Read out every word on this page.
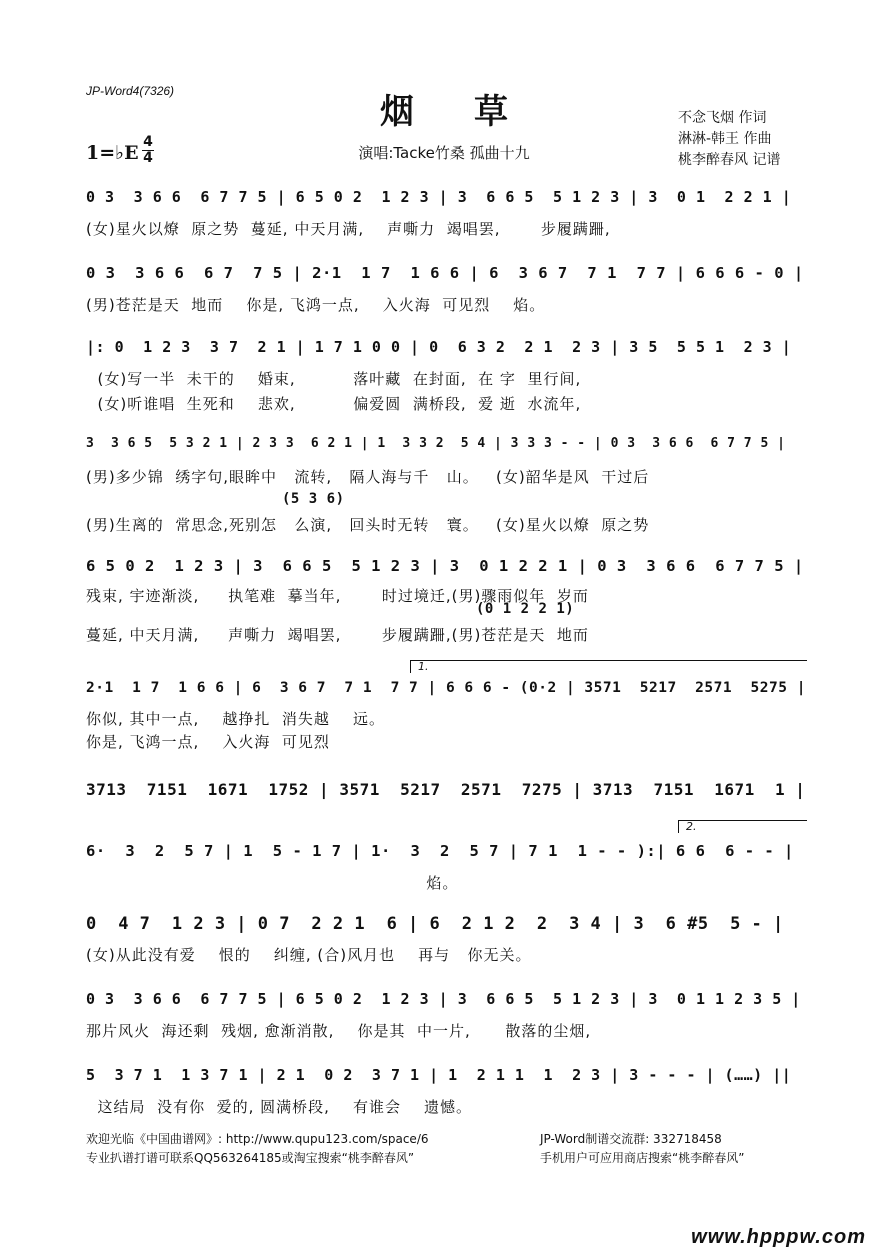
JP-Word4(7326)
烟草
1=♭E 4
4	演唱:Tacke竹桑 孤曲十九
不念飞烟 作词
淋淋-韩王 作曲
桃李醉春风 记谱
0 3  3 6 6  6 7 7 5 | 6 5 0 2  1 2 3 | 3  6 6 5  5 1 2 3 | 3  0 1  2 2 1 |
(女)星火以燎  原之势  蔓延, 中天月满,    声嘶力  竭唱罢,       步履蹒跚,
0 3  3 6 6  6 7  7 5 | 2·1  1 7  1 6 6 | 6  3 6 7  7 1  7 7 | 6 6 6 - 0 |
(男)苍茫是天  地而    你是, 飞鸿一点,    入火海  可见烈    焰。
|: 0  1 2 3  3 7  2 1 | 1 7 1 0 0 | 0  6 3 2  2 1  2 3 | 3 5  5 5 1  2 3 |
(女)写一半  未干的    婚束,          落叶藏  在封面,  在 字  里行间,
(女)听谁唱  生死和    悲欢,          偏爱圆  满桥段,  爱 逝  水流年,
3  3 6 5  5 3 2 1 | 2 3 3  6 2 1 | 1  3 3 2  5 4 | 3 3 3 - - | 0 3  3 6 6  6 7 7 5 |
(男)多少锦  绣字句,眼眸中   流转,   隔人海与千   山。   (女)韶华是风  干过后
(5 3 6)
(男)生离的  常思念,死别怎   么演,   回头时无转   寰。   (女)星火以燎  原之势
6 5 0 2  1 2 3 | 3  6 6 5  5 1 2 3 | 3  0 1 2 2 1 | 0 3  3 6 6  6 7 7 5 |
残束, 宇迹渐淡,     执笔难  摹当年,       时过境迁,(男)骤雨似年  岁而
(0 1 2 2 1)
蔓延, 中天月满,     声嘶力  竭唱罢,       步履蹒跚,(男)苍茫是天  地而
1.
2·1  1 7  1 6 6 | 6  3 6 7  7 1  7 7 | 6 6 6 - (0·2 | 3571  5217  2571  5275 |
你似, 其中一点,    越挣扎  消失越    远。
你是, 飞鸿一点,    入火海  可见烈
3713  7151  1671  1752 | 3571  5217  2571  7275 | 3713  7151  1671  1 |
2.
6·  3  2  5 7 | 1  5 - 1 7 | 1·  3  2  5 7 | 7 1  1 - - ):| 6 6  6 - - |
焰。
0  4 7  1 2 3 | 0 7  2 2 1  6 | 6  2 1 2  2  3 4 | 3  6 #5  5 - |
(女)从此没有爱    恨的    纠缠, (合)风月也    再与   你无关。
0 3  3 6 6  6 7 7 5 | 6 5 0 2  1 2 3 | 3  6 6 5  5 1 2 3 | 3  0 1 1 2 3 5 |
那片风火  海还剩  残烟, 愈渐消散,    你是其  中一片,      散落的尘烟,
5  3 7 1  1 3 7 1 | 2 1  0 2  3 7 1 | 1  2 1 1  1  2 3 | 3 - - - | (……) ||
这结局  没有你  爱的, 圆满桥段,    有谁会    遗憾。
欢迎光临《中国曲谱网》: http://www.qupu123.com/space/6
专业扒谱打谱可联系QQ563264185或淘宝搜索“桃李醉春风”
JP-Word制谱交流群: 332718458
手机用户可应用商店搜索“桃李醉春风”
www.hpppw.com
